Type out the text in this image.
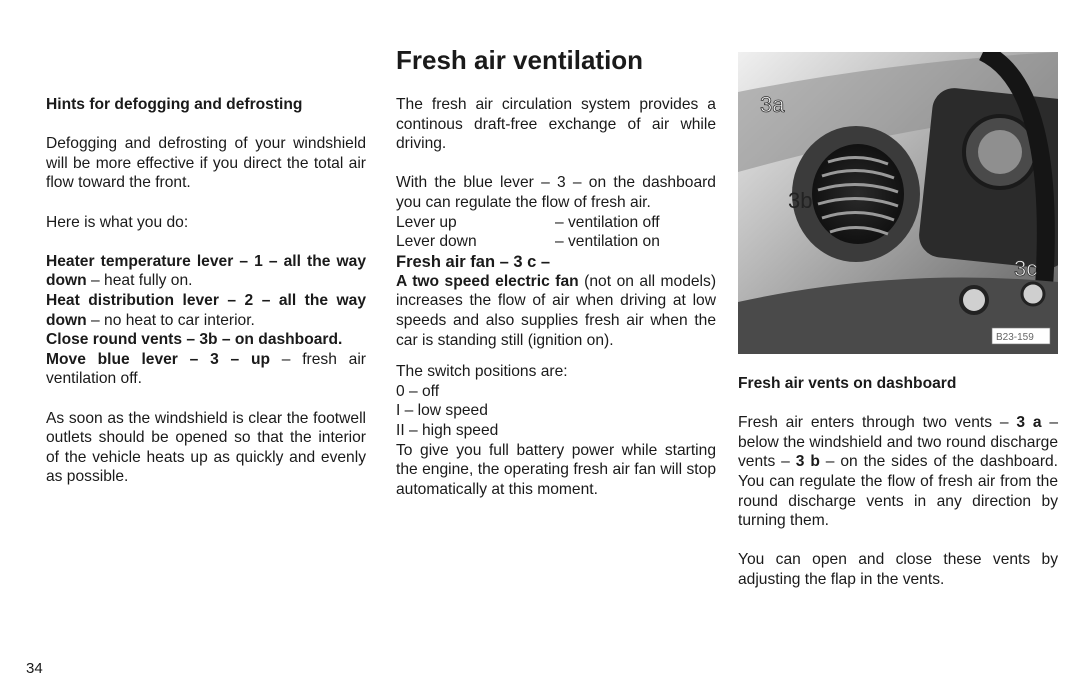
Fresh air ventilation

Hints for defogging and defrosting

Defogging and defrosting of your windshield will be more effective if you direct the total air flow toward the front.

Here is what you do:

Heater temperature lever – 1 – all the way down – heat fully on.

Heat distribution lever – 2 – all the way down – no heat to car interior.

Close round vents – 3b – on dashboard.

Move blue lever – 3 – up – fresh air ventilation off.

As soon as the windshield is clear the footwell outlets should be opened so that the interior of the vehicle heats up as quickly and evenly as possible.

The fresh air circulation system provides a continous draft-free exchange of air while driving.

With the blue lever – 3 – on the dashboard you can regulate the flow of fresh air.

Lever up	– ventilation off
Lever down	– ventilation on

Fresh air fan – 3 c –

A two speed electric fan (not on all models) increases the flow of air when driving at low speeds and also supplies fresh air when the car is standing still (ignition on).

The switch positions are:

0 – off

I – low speed

II – high speed

To give you full battery power while starting the engine, the operating fresh air fan will stop automatically at this moment.

3a
3b
3c
B23-159

Fresh air vents on dashboard

Fresh air enters through two vents – 3 a – below the windshield and two round discharge vents – 3 b – on the sides of the dashboard. You can regulate the flow of fresh air from the round discharge vents in any direction by turning them.

You can open and close these vents by adjusting the flap in the vents.

34
